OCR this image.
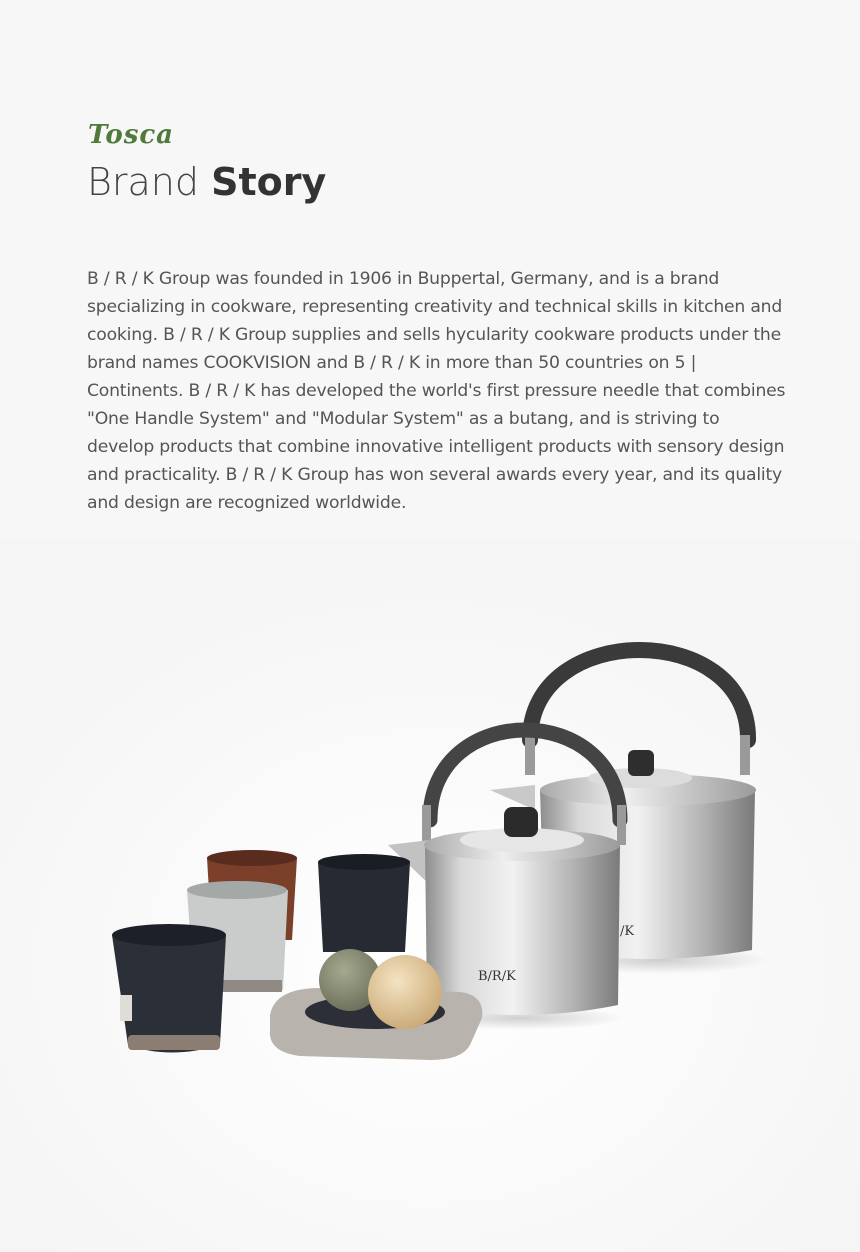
Tosca
Brand Story
B / R / K Group was founded in 1906 in Buppertal, Germany, and is a brand specializing in cookware, representing creativity and technical skills in kitchen and cooking. B / R / K Group supplies and sells hycularity cookware products under the brand names COOKVISION and B / R / K in more than 50 countries on 5 | Continents. B / R / K has developed the world's first pressure needle that combines "One Handle System" and "Modular System" as a butang, and is striving to develop products that combine innovative intelligent products with sensory design and practicality. B / R / K Group has won several awards every year, and its quality and design are recognized worldwide.
/K
B/R/K
